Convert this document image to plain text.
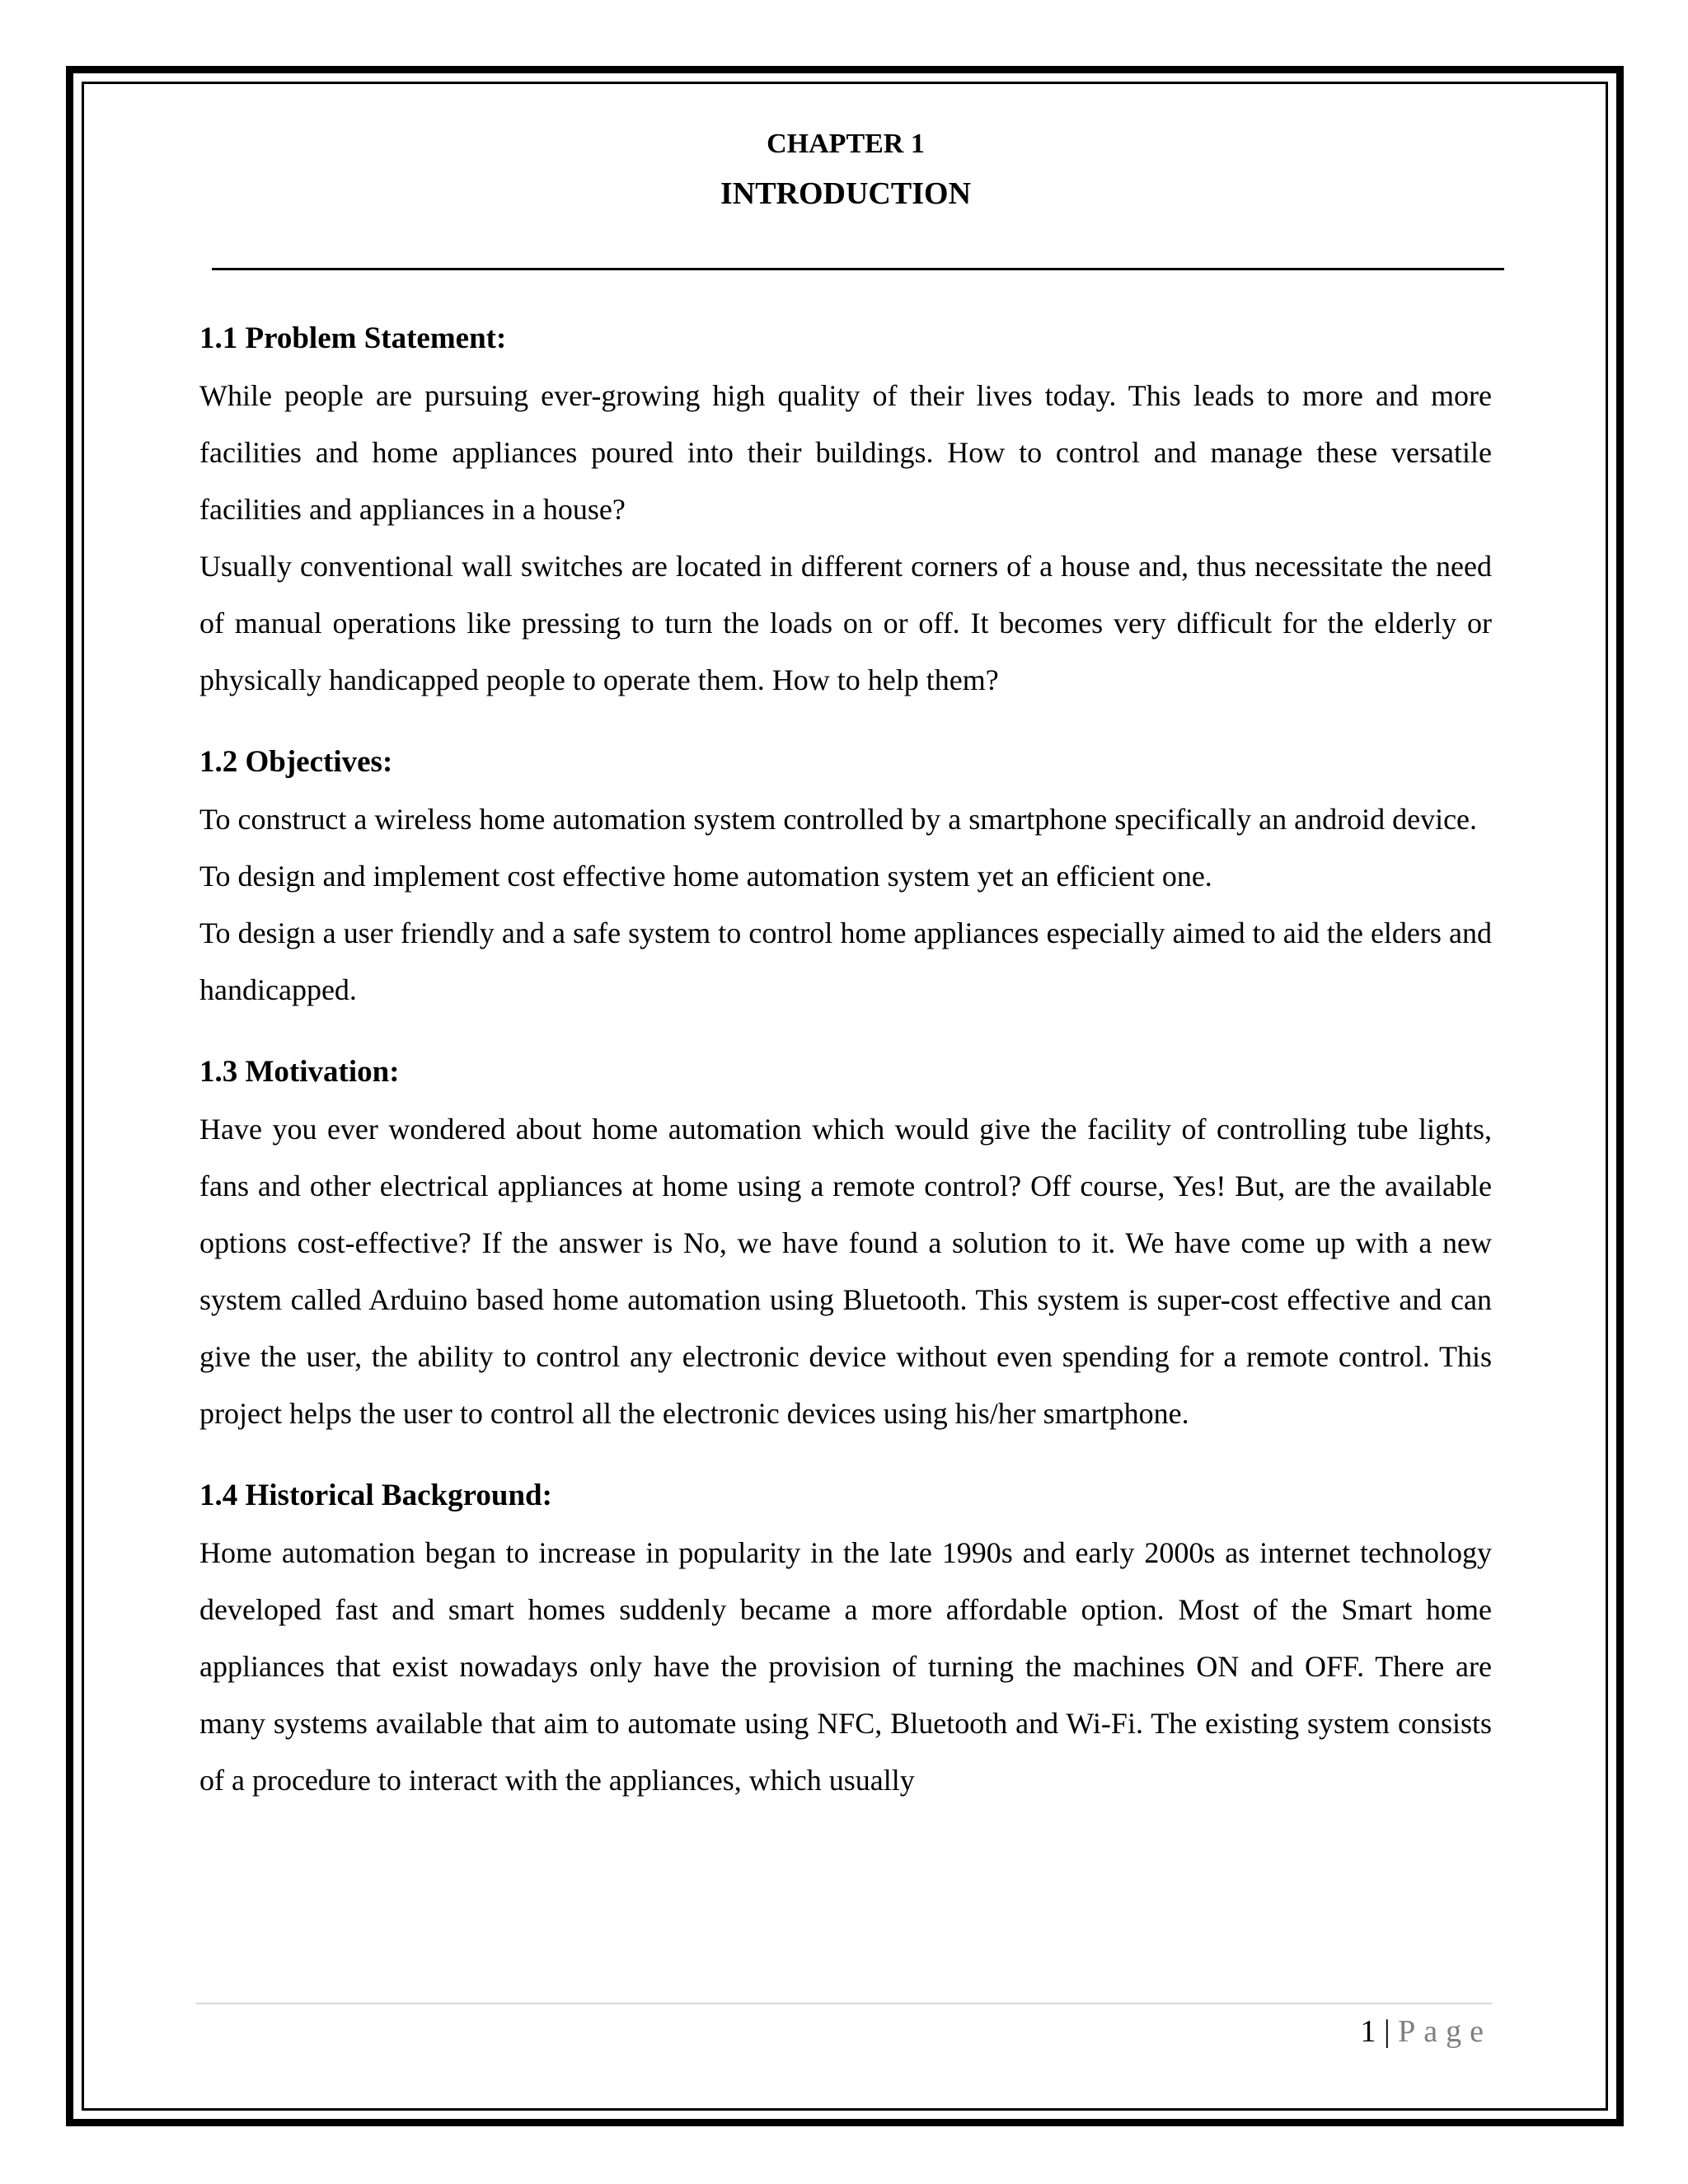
CHAPTER 1
INTRODUCTION
1.1 Problem Statement:

While people are pursuing ever-growing high quality of their lives today. This leads to more and more facilities and home appliances poured into their buildings. How to control and manage these versatile facilities and appliances in a house?

Usually conventional wall switches are located in different corners of a house and, thus necessitate the need of manual operations like pressing to turn the loads on or off. It becomes very difficult for the elderly or physically handicapped people to operate them. How to help them?

1.2 Objectives:

To construct a wireless home automation system controlled by a smartphone specifically an android device.

To design and implement cost effective home automation system yet an efficient one.

To design a user friendly and a safe system to control home appliances especially aimed to aid the elders and handicapped.

1.3 Motivation:

Have you ever wondered about home automation which would give the facility of controlling tube lights, fans and other electrical appliances at home using a remote control? Off course, Yes! But, are the available options cost-effective? If the answer is No, we have found a solution to it. We have come up with a new system called Arduino based home automation using Bluetooth. This system is super-cost effective and can give the user, the ability to control any electronic device without even spending for a remote control. This project helps the user to control all the electronic devices using his/her smartphone.

1.4 Historical Background:

Home automation began to increase in popularity in the late 1990s and early 2000s as internet technology developed fast and smart homes suddenly became a more affordable option. Most of the Smart home appliances that exist nowadays only have the provision of turning the machines ON and OFF. There are many systems available that aim to automate using NFC, Bluetooth and Wi-Fi. The existing system consists of a procedure to interact with the appliances, which usually

1 | Page
